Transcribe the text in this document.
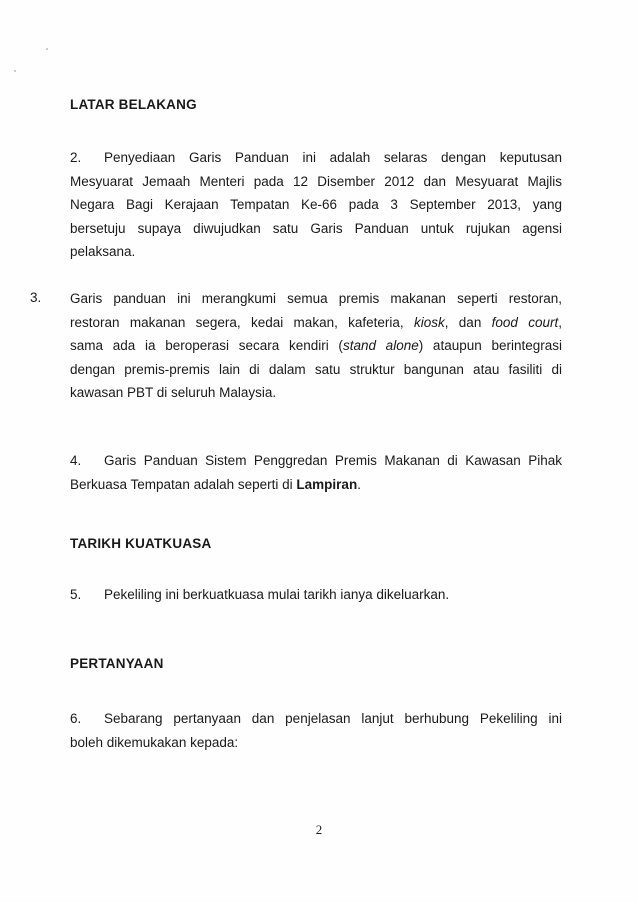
LATAR BELAKANG
2. Penyediaan Garis Panduan ini adalah selaras dengan keputusan
Mesyuarat Jemaah Menteri pada 12 Disember 2012 dan Mesyuarat Majlis
Negara Bagi Kerajaan Tempatan Ke-66 pada 3 September 2013, yang
bersetuju supaya diwujudkan satu Garis Panduan untuk rujukan agensi
pelaksana.
3. Garis panduan ini merangkumi semua premis makanan seperti restoran,
restoran makanan segera, kedai makan, kafeteria, kiosk, dan food court,
sama ada ia beroperasi secara kendiri (stand alone) ataupun berintegrasi
dengan premis-premis lain di dalam satu struktur bangunan atau fasiliti di
kawasan PBT di seluruh Malaysia.
4. Garis Panduan Sistem Penggredan Premis Makanan di Kawasan Pihak
Berkuasa Tempatan adalah seperti di Lampiran.
TARIKH KUATKUASA
5. Pekeliling ini berkuatkuasa mulai tarikh ianya dikeluarkan.
PERTANYAAN
6. Sebarang pertanyaan dan penjelasan lanjut berhubung Pekeliling ini
boleh dikemukakan kepada:
2
